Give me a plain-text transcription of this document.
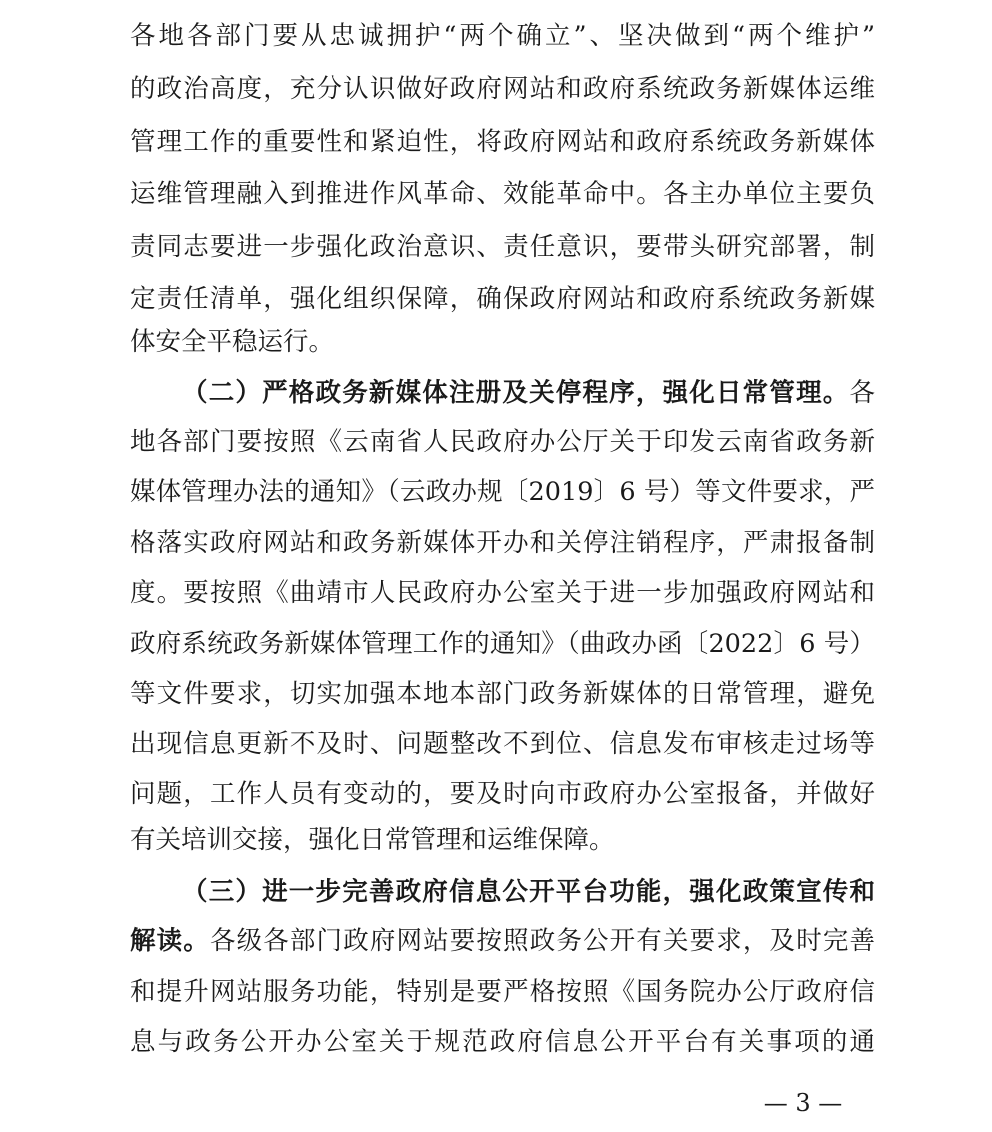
各地各部门要从忠诚拥护“两个确立”、坚决做到“两个维护”
的政治高度，充分认识做好政府网站和政府系统政务新媒体运维
管理工作的重要性和紧迫性，将政府网站和政府系统政务新媒体
运维管理融入到推进作风革命、效能革命中。各主办单位主要负
责同志要进一步强化政治意识、责任意识，要带头研究部署，制
定责任清单，强化组织保障，确保政府网站和政府系统政务新媒
体安全平稳运行。
（二）严格政务新媒体注册及关停程序，强化日常管理。各
地各部门要按照《云南省人民政府办公厅关于印发云南省政务新
媒体管理办法的通知》（云政办规〔2019〕6 号）等文件要求，严
格落实政府网站和政务新媒体开办和关停注销程序，严肃报备制
度。要按照《曲靖市人民政府办公室关于进一步加强政府网站和
政府系统政务新媒体管理工作的通知》（曲政办函〔2022〕6 号）
等文件要求，切实加强本地本部门政务新媒体的日常管理，避免
出现信息更新不及时、问题整改不到位、信息发布审核走过场等
问题，工作人员有变动的，要及时向市政府办公室报备，并做好
有关培训交接，强化日常管理和运维保障。
（三）进一步完善政府信息公开平台功能，强化政策宣传和
解读。各级各部门政府网站要按照政务公开有关要求，及时完善
和提升网站服务功能，特别是要严格按照《国务院办公厅政府信
息与政务公开办公室关于规范政府信息公开平台有关事项的通
— 3 —
